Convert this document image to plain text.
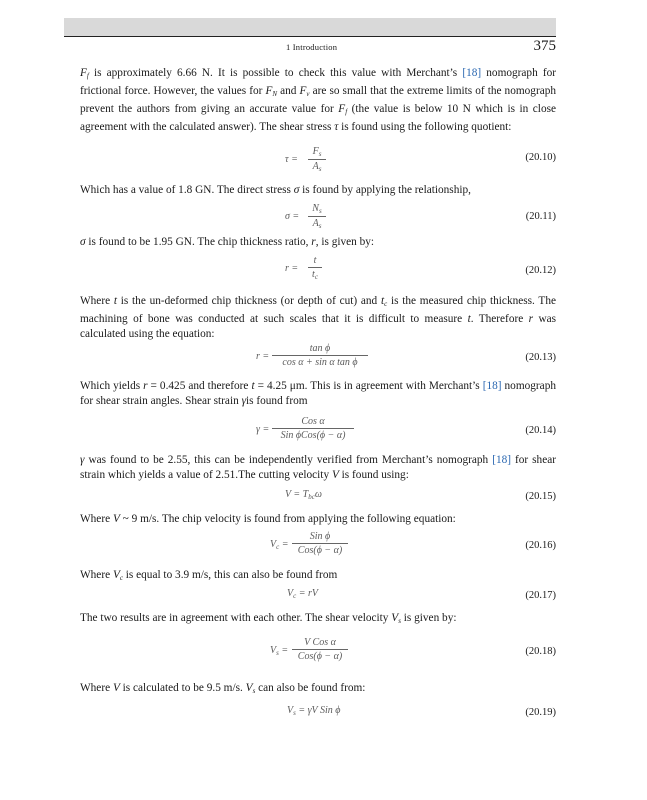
1 Introduction	375
$F_f$ is approximately 6.66 N. It is possible to check this value with Merchant’s [18] nomograph for frictional force. However, the values for $F_N$ and $F_v$ are so small that the extreme limits of the nomograph prevent the authors from giving an accurate value for $F_f$ (the value is below 10 N which is in close agreement with the calculated answer). The shear stress τ is found using the following quotient:
τ =
$F_s$
$A_s$
(20.10)
Which has a value of 1.8 GN. The direct stress σ is found by applying the relationship,
σ =
$N_s$
$A_s$
(20.11)
σ is found to be 1.95 GN. The chip thickness ratio, r, is given by:
r =
t
$t_c$
(20.12)
Where t is the un-deformed chip thickness (or depth of cut) and $t_c$ is the measured chip thickness. The machining of bone was conducted at such scales that it is difficult to measure t. Therefore r was calculated using the equation:
r =
tan ϕ
cos α + sin α tan ϕ	(20.13)
Which yields r = 0.425 and therefore t = 4.25 μm. This is in agreement with Merchant’s [18] nomograph for shear strain angles. Shear strain γis found from
γ =
Cos α
Sin ϕCos(ϕ − α)	(20.14)
γ was found to be 2.55, this can be independently verified from Merchant’s nomograph [18] for shear strain which yields a value of 2.51.The cutting velocity V is found using:
$V = T_{bc}\omega$	(20.15)
Where V ~ 9 m/s. The chip velocity is found from applying the following equation:
$V_c$ =
Sin ϕ
Cos(ϕ − α)	(20.16)
Where $V_c$ is equal to 3.9 m/s, this can also be found from
$V_c$ = rV	(20.17)
The two results are in agreement with each other. The shear velocity $V_s$ is given by:
$V_s$ =
V Cos α
Cos(ϕ − α)	(20.18)
Where V is calculated to be 9.5 m/s. $V_s$ can also be found from:
$V_s = \gamma V$ Sin ϕ	(20.19)
